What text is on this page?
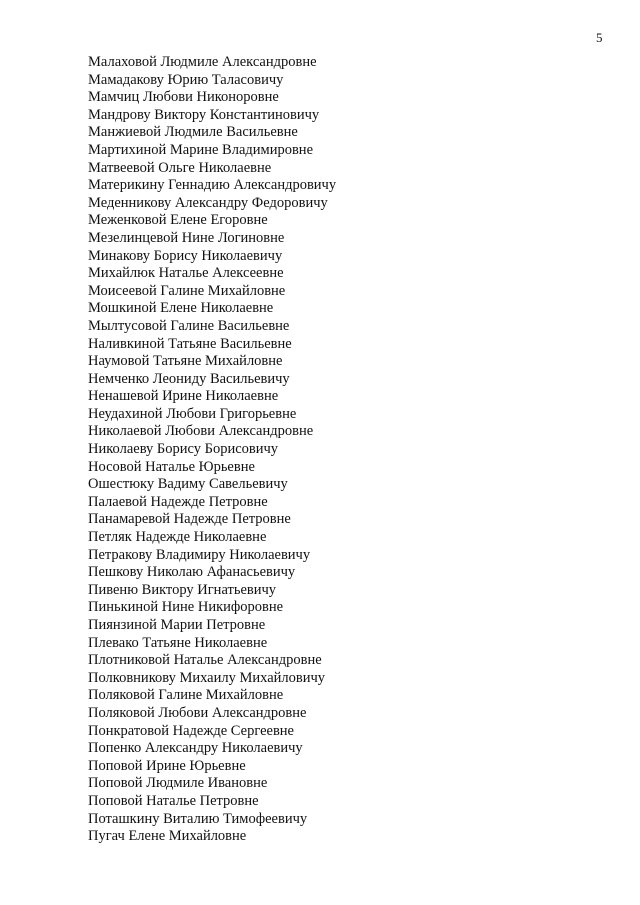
5
Малаховой Людмиле Александровне
Мамадакову Юрию Таласовичу
Мамчиц Любови Никоноровне
Мандрову Виктору Константиновичу
Манжиевой Людмиле Васильевне
Мартихиной Марине Владимировне
Матвеевой Ольге Николаевне
Материкину Геннадию Александровичу
Меденникову Александру Федоровичу
Меженковой Елене Егоровне
Мезелинцевой Нине Логиновне
Минакову Борису Николаевичу
Михайлюк Наталье Алексеевне
Моисеевой Галине Михайловне
Мошкиной Елене Николаевне
Мылтусовой Галине Васильевне
Наливкиной Татьяне Васильевне
Наумовой Татьяне Михайловне
Немченко Леониду Васильевичу
Ненашевой Ирине Николаевне
Неудахиной Любови Григорьевне
Николаевой Любови Александровне
Николаеву Борису Борисовичу
Носовой Наталье Юрьевне
Ошестюку Вадиму Савельевичу
Палаевой Надежде Петровне
Панамаревой Надежде Петровне
Петляк Надежде Николаевне
Петракову Владимиру Николаевичу
Пешкову Николаю Афанасьевичу
Пивеню Виктору Игнатьевичу
Пинькиной Нине Никифоровне
Пиянзиной Марии Петровне
Плевако Татьяне Николаевне
Плотниковой Наталье Александровне
Полковникову Михаилу Михайловичу
Поляковой Галине Михайловне
Поляковой Любови Александровне
Понкратовой Надежде Сергеевне
Попенко Александру Николаевичу
Поповой Ирине Юрьевне
Поповой Людмиле Ивановне
Поповой Наталье Петровне
Поташкину Виталию Тимофеевичу
Пугач Елене Михайловне
